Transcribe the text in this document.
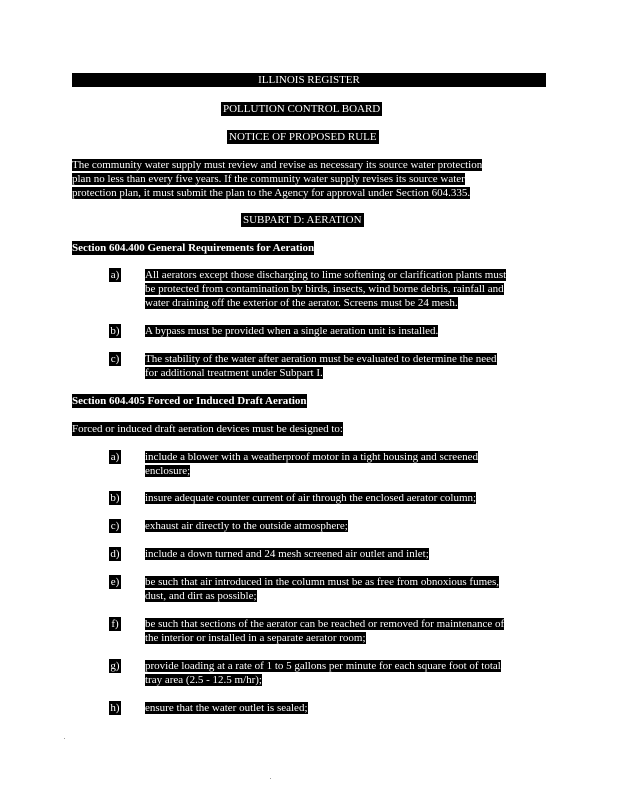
ILLINOIS REGISTER
POLLUTION CONTROL BOARD
NOTICE OF PROPOSED RULE
The community water supply must review and revise as necessary its source water protection
plan no less than every five years. If the community water supply revises its source water
protection plan, it must submit the plan to the Agency for approval under Section 604.335.
SUBPART D: AERATION
Section 604.400 General Requirements for Aeration
a) All aerators except those discharging to lime softening or clarification plants must
be protected from contamination by birds, insects, wind borne debris, rainfall and
water draining off the exterior of the aerator. Screens must be 24 mesh.
b) A bypass must be provided when a single aeration unit is installed.
c) The stability of the water after aeration must be evaluated to determine the need
for additional treatment under Subpart I.
Section 604.405 Forced or Induced Draft Aeration
Forced or induced draft aeration devices must be designed to:
a) include a blower with a weatherproof motor in a tight housing and screened
enclosure;
b) insure adequate counter current of air through the enclosed aerator column;
c) exhaust air directly to the outside atmosphere;
d) include a down turned and 24 mesh screened air outlet and inlet;
e) be such that air introduced in the column must be as free from obnoxious fumes,
dust, and dirt as possible;
f) be such that sections of the aerator can be reached or removed for maintenance of
the interior or installed in a separate aerator room;
g) provide loading at a rate of 1 to 5 gallons per minute for each square foot of total
tray area (2.5 - 12.5 m/hr);
h) ensure that the water outlet is sealed;
